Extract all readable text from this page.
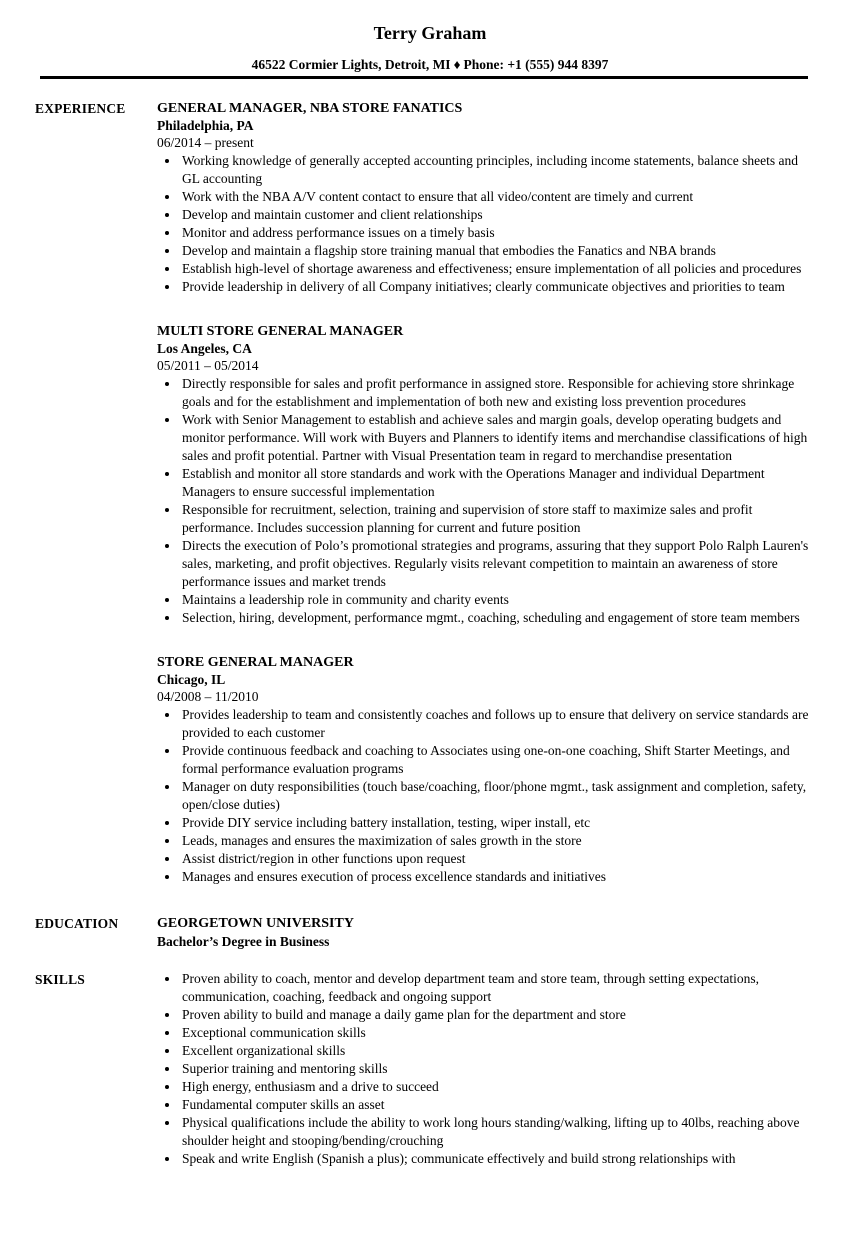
Terry Graham
46522 Cormier Lights, Detroit, MI ♦ Phone: +1 (555) 944 8397
EXPERIENCE	GENERAL MANAGER, NBA STORE FANATICS
Philadelphia, PA
06/2014 – present
• Working knowledge of generally accepted accounting principles, including income statements, balance sheets and GL accounting
• Work with the NBA A/V content contact to ensure that all video/content are timely and current
• Develop and maintain customer and client relationships
• Monitor and address performance issues on a timely basis
• Develop and maintain a flagship store training manual that embodies the Fanatics and NBA brands
• Establish high-level of shortage awareness and effectiveness; ensure implementation of all policies and procedures
• Provide leadership in delivery of all Company initiatives; clearly communicate objectives and priorities to team
MULTI STORE GENERAL MANAGER
Los Angeles, CA
05/2011 – 05/2014
• Directly responsible for sales and profit performance in assigned store. Responsible for achieving store shrinkage goals and for the establishment and implementation of both new and existing loss prevention procedures
• Work with Senior Management to establish and achieve sales and margin goals, develop operating budgets and monitor performance. Will work with Buyers and Planners to identify items and merchandise classifications of high sales and profit potential. Partner with Visual Presentation team in regard to merchandise presentation
• Establish and monitor all store standards and work with the Operations Manager and individual Department Managers to ensure successful implementation
• Responsible for recruitment, selection, training and supervision of store staff to maximize sales and profit performance. Includes succession planning for current and future position
• Directs the execution of Polo’s promotional strategies and programs, assuring that they support Polo Ralph Lauren's sales, marketing, and profit objectives. Regularly visits relevant competition to maintain an awareness of store performance issues and market trends
• Maintains a leadership role in community and charity events
• Selection, hiring, development, performance mgmt., coaching, scheduling and engagement of store team members
STORE GENERAL MANAGER
Chicago, IL
04/2008 – 11/2010
• Provides leadership to team and consistently coaches and follows up to ensure that delivery on service standards are provided to each customer
• Provide continuous feedback and coaching to Associates using one-on-one coaching, Shift Starter Meetings, and formal performance evaluation programs
• Manager on duty responsibilities (touch base/coaching, floor/phone mgmt., task assignment and completion, safety, open/close duties)
• Provide DIY service including battery installation, testing, wiper install, etc
• Leads, manages and ensures the maximization of sales growth in the store
• Assist district/region in other functions upon request
• Manages and ensures execution of process excellence standards and initiatives
EDUCATION	GEORGETOWN UNIVERSITY
Bachelor’s Degree in Business
SKILLS	• Proven ability to coach, mentor and develop department team and store team, through setting expectations, communication, coaching, feedback and ongoing support
• Proven ability to build and manage a daily game plan for the department and store
• Exceptional communication skills
• Excellent organizational skills
• Superior training and mentoring skills
• High energy, enthusiasm and a drive to succeed
• Fundamental computer skills an asset
• Physical qualifications include the ability to work long hours standing/walking, lifting up to 40lbs, reaching above shoulder height and stooping/bending/crouching
• Speak and write English (Spanish a plus); communicate effectively and build strong relationships with
